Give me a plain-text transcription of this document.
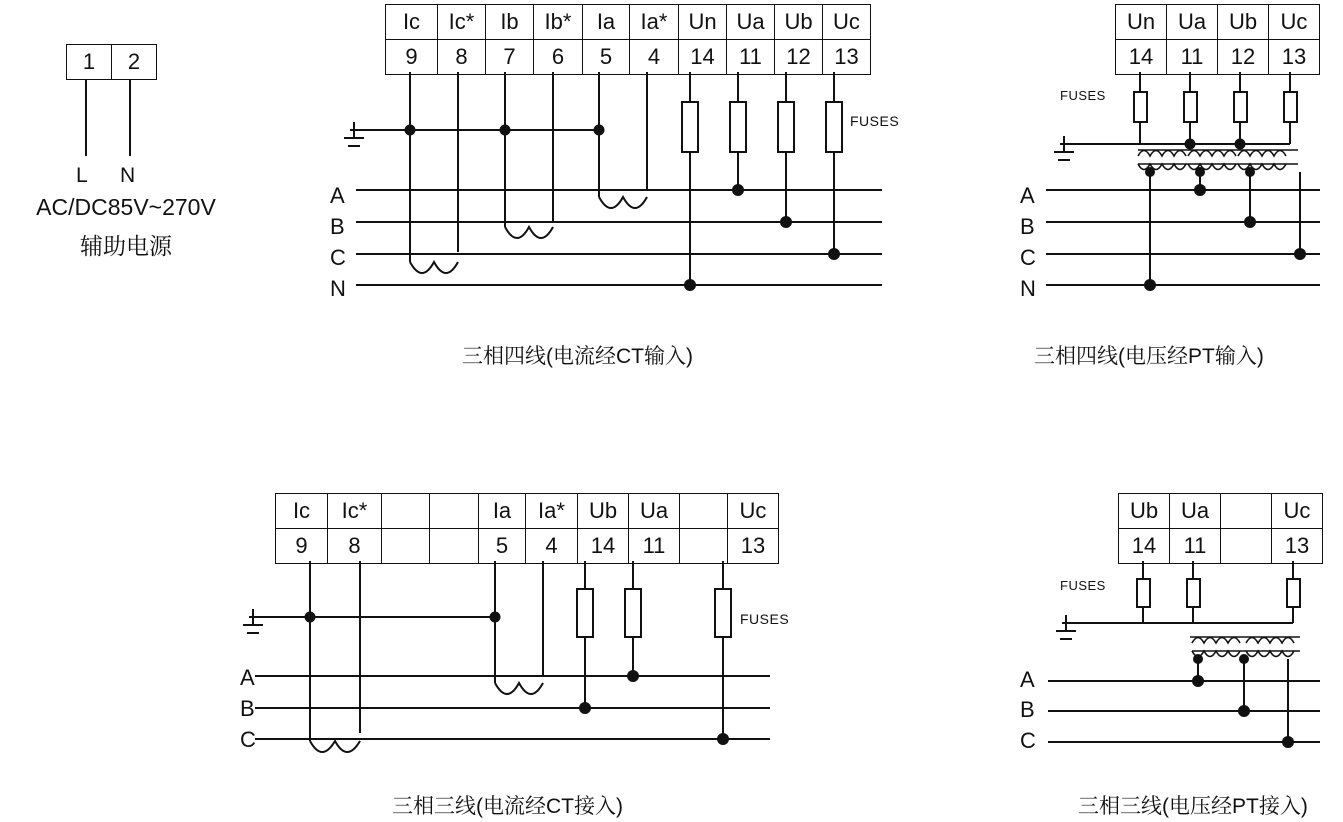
1	2
L N
AC/DC85V~270V
辅助电源
Ic	Ic*	Ib	Ib*	Ia	Ia*	Un	Ua	Ub	Uc
9	8	7	6	5	4	14	11	12	13
FUSES
A
B
C
N
三相四线(电流经CT输入)
Un	Ua	Ub	Uc
14	11	12	13
FUSES
A
B
C
N
三相四线(电压经PT输入)
Ic	Ic*			Ia	Ia*	Ub	Ua		Uc
9	8			5	4	14	11		13
FUSES
A
B
C
三相三线(电流经CT接入)
Ub	Ua		Uc
14	11		13
FUSES
A
B
C
三相三线(电压经PT接入)
